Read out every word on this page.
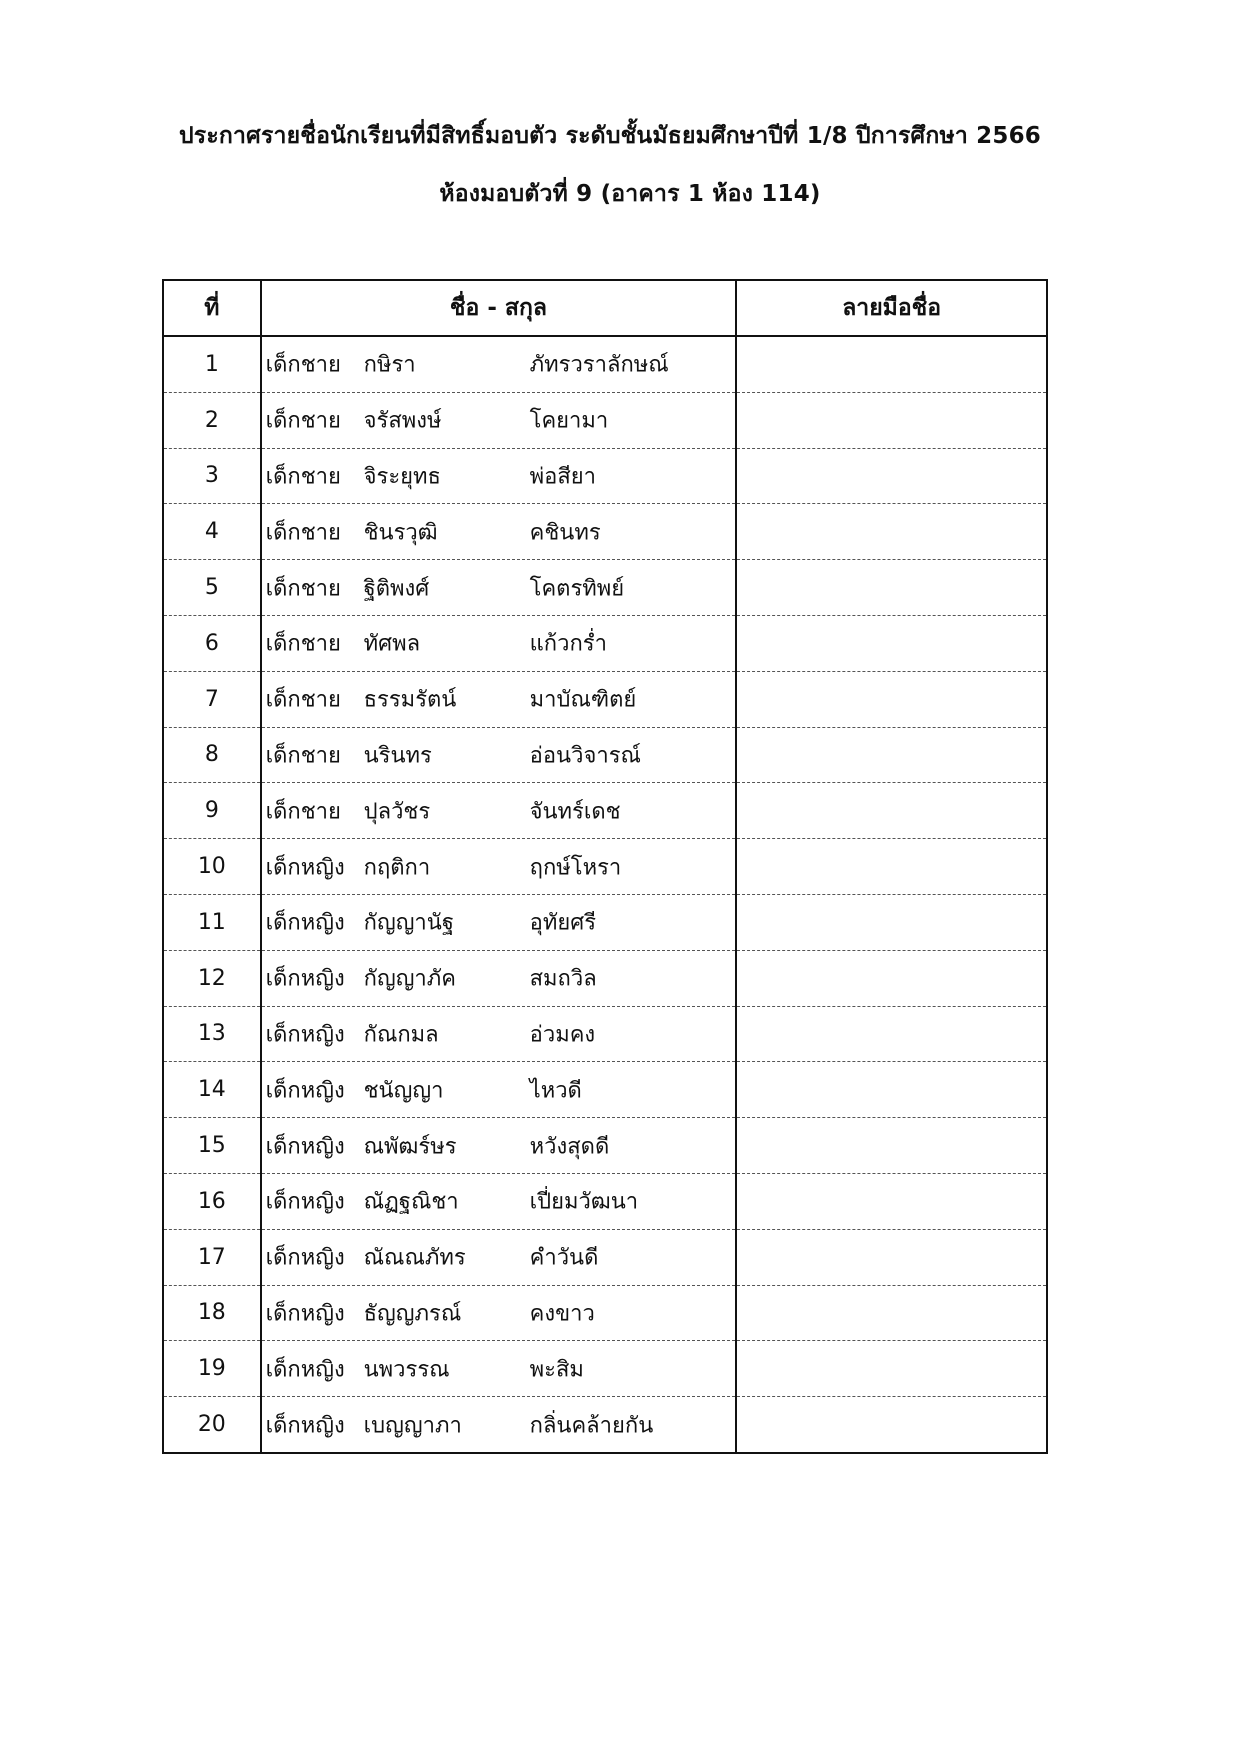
ประกาศรายชื่อนักเรียนที่มีสิทธิ์มอบตัว ระดับชั้นมัธยมศึกษาปีที่ 1/8 ปีการศึกษา 2566
ห้องมอบตัวที่ 9 (อาคาร 1 ห้อง 114)
ที่	ชื่อ - สกุล	ลายมือชื่อ
1	เด็กชาย กษิรา ภัทรวราลักษณ์	

2	เด็กชาย จรัสพงษ์ โคยามา	

3	เด็กชาย จิระยุทธ พ่อสียา	

4	เด็กชาย ชินรวุฒิ คชินทร	

5	เด็กชาย ฐิติพงศ์ โคตรทิพย์	

6	เด็กชาย ทัศพล แก้วกร่ำ	

7	เด็กชาย ธรรมรัตน์ มาบัณฑิตย์	

8	เด็กชาย นรินทร อ่อนวิจารณ์	

9	เด็กชาย ปุลวัชร จันทร์เดช	

10	เด็กหญิง กฤติกา ฤกษ์โหรา	

11	เด็กหญิง กัญญานัฐ อุทัยศรี	

12	เด็กหญิง กัญญาภัค สมถวิล	

13	เด็กหญิง กัณกมล อ่วมคง	

14	เด็กหญิง ชนัญญา ไหวดี	

15	เด็กหญิง ณพัฒร์ษร หวังสุดดี	

16	เด็กหญิง ณัฏฐณิชา เปี่ยมวัฒนา	

17	เด็กหญิง ณัณณภัทร คำวันดี	

18	เด็กหญิง ธัญญภรณ์ คงขาว	

19	เด็กหญิง นพวรรณ พะสิม	

20	เด็กหญิง เบญญาภา กลิ่นคล้ายกัน	
